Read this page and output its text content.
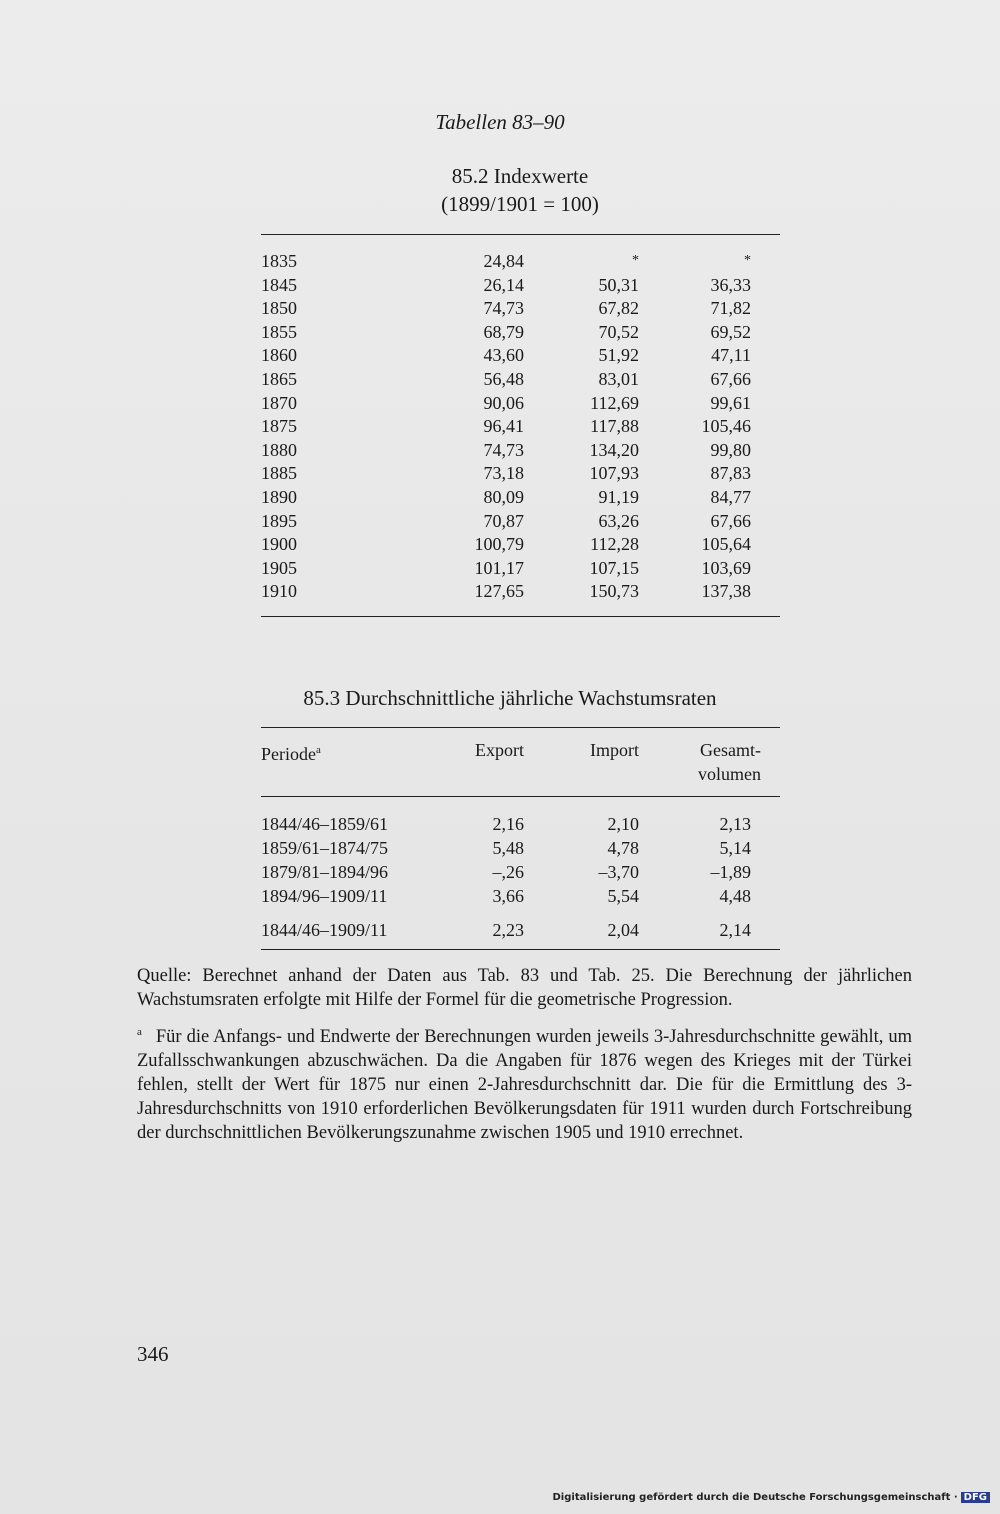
Tabellen 83–90
85.2 Indexwerte
(1899/1901 = 100)
1835	24,84	*	*
1845	26,14	50,31	36,33
1850	74,73	67,82	71,82
1855	68,79	70,52	69,52
1860	43,60	51,92	47,11
1865	56,48	83,01	67,66
1870	90,06	112,69	99,61
1875	96,41	117,88	105,46
1880	74,73	134,20	99,80
1885	73,18	107,93	87,83
1890	80,09	91,19	84,77
1895	70,87	63,26	67,66
1900	100,79	112,28	105,64
1905	101,17	107,15	103,69
1910	127,65	150,73	137,38
85.3 Durchschnittliche jährliche Wachstumsraten
Periode$^a$	Export	Import	Gesamt-
volumen
1844/46–1859/61	2,16	2,10	2,13
1859/61–1874/75	5,48	4,78	5,14
1879/81–1894/96	–,26	–3,70	–1,89
1894/96–1909/11	3,66	5,54	4,48
1844/46–1909/11	2,23	2,04	2,14
Quelle: Berechnet anhand der Daten aus Tab. 83 und Tab. 25. Die Berechnung der jährlichen Wachstumsraten erfolgte mit Hilfe der Formel für die geometrische Progression.
$^a$ Für die Anfangs- und Endwerte der Berechnungen wurden jeweils 3-Jahresdurchschnitte gewählt, um Zufallsschwankungen abzuschwächen. Da die Angaben für 1876 wegen des Krieges mit der Türkei fehlen, stellt der Wert für 1875 nur einen 2-Jahresdurchschnitt dar. Die für die Ermittlung des 3-Jahresdurchschnitts von 1910 erforderlichen Bevölkerungsdaten für 1911 wurden durch Fortschreibung der durchschnittlichen Bevölkerungszunahme zwischen 1905 und 1910 errechnet.
346
Digitalisierung gefördert durch die Deutsche Forschungsgemeinschaft · DFG
